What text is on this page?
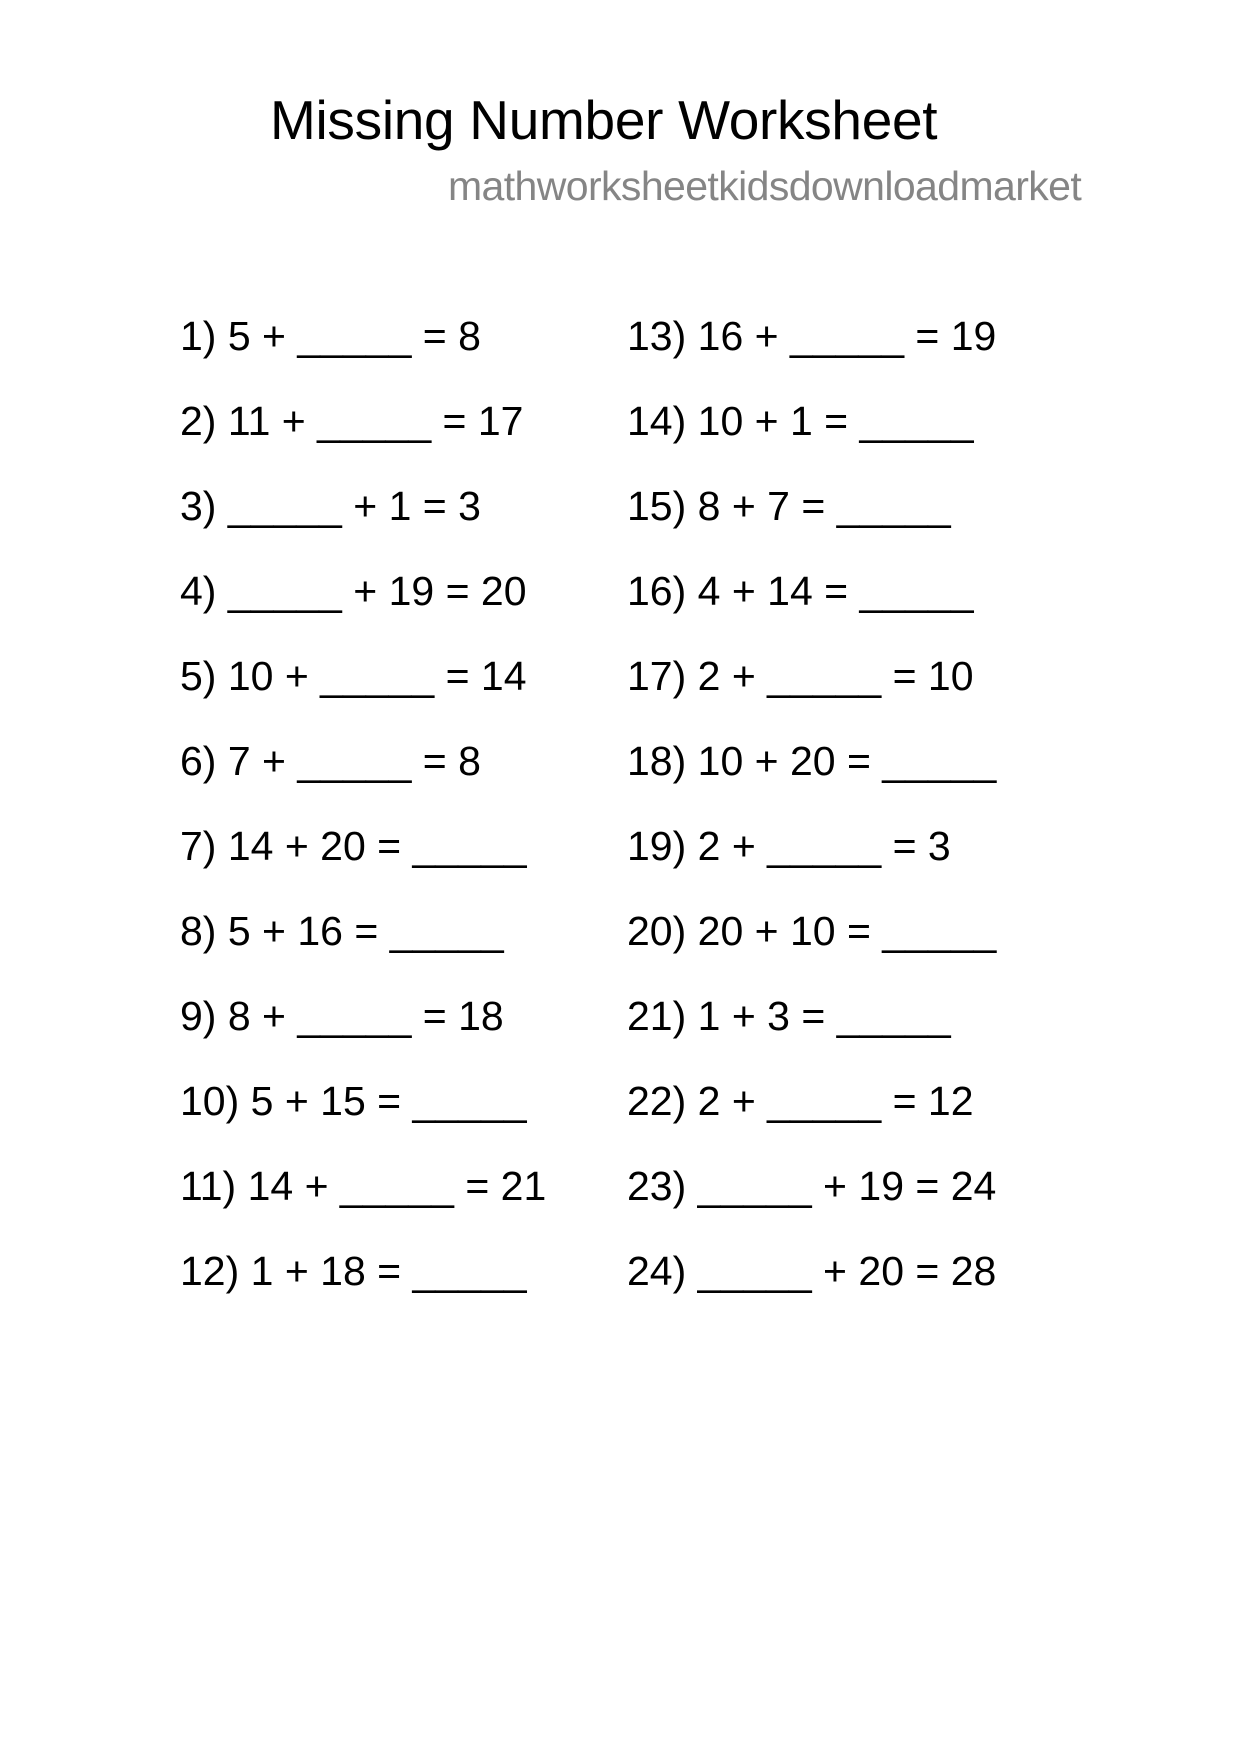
Missing Number Worksheet
mathworksheetkidsdownloadmarket
1) 5 + _____ = 8
2) 11 + _____ = 17
3) _____ + 1 = 3
4) _____ + 19 = 20
5) 10 + _____ = 14
6) 7 + _____ = 8
7) 14 + 20 = _____
8) 5 + 16 = _____
9) 8 + _____ = 18
10) 5 + 15 = _____
11) 14 + _____ = 21
12) 1 + 18 = _____
13) 16 + _____ = 19
14) 10 + 1 = _____
15) 8 + 7 = _____
16) 4 + 14 = _____
17) 2 + _____ = 10
18) 10 + 20 = _____
19) 2 + _____ = 3
20) 20 + 10 = _____
21) 1 + 3 = _____
22) 2 + _____ = 12
23) _____ + 19 = 24
24) _____ + 20 = 28
